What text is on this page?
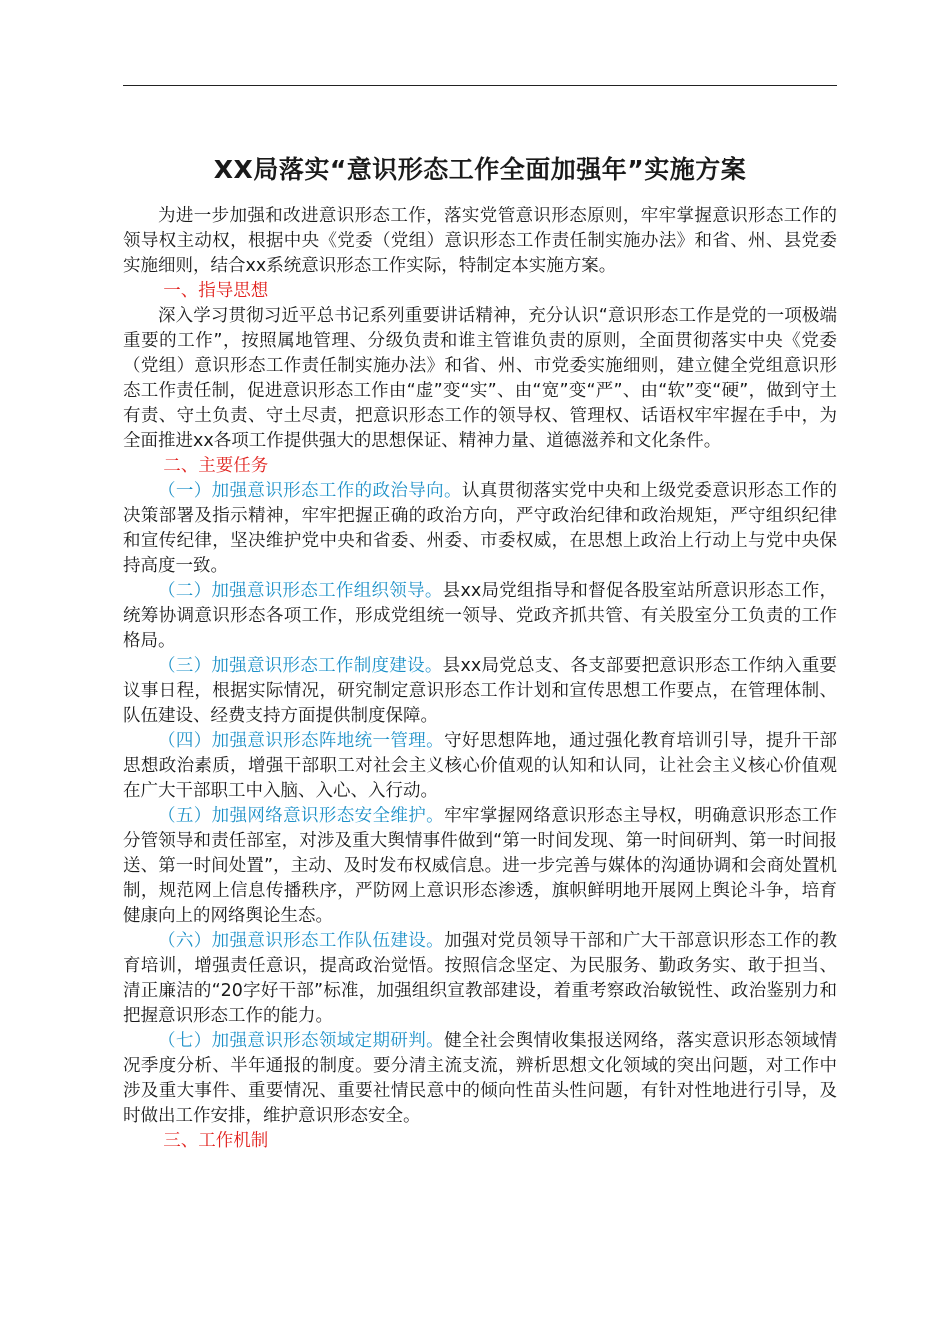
XX局落实“意识形态工作全面加强年”实施方案

为进一步加强和改进意识形态工作，落实党管意识形态原则，牢牢掌握意识形态工作的领导权主动权，根据中央《党委（党组）意识形态工作责任制实施办法》和省、州、县党委实施细则，结合xx系统意识形态工作实际，特制定本实施方案。

一、指导思想

深入学习贯彻习近平总书记系列重要讲话精神，充分认识“意识形态工作是党的一项极端重要的工作”，按照属地管理、分级负责和谁主管谁负责的原则，全面贯彻落实中央《党委（党组）意识形态工作责任制实施办法》和省、州、市党委实施细则，建立健全党组意识形态工作责任制，促进意识形态工作由“虚”变“实”、由“宽”变“严”、由“软”变“硬”，做到守土有责、守土负责、守土尽责，把意识形态工作的领导权、管理权、话语权牢牢握在手中，为全面推进xx各项工作提供强大的思想保证、精神力量、道德滋养和文化条件。

二、主要任务

（一）加强意识形态工作的政治导向。认真贯彻落实党中央和上级党委意识形态工作的决策部署及指示精神，牢牢把握正确的政治方向，严守政治纪律和政治规矩，严守组织纪律和宣传纪律，坚决维护党中央和省委、州委、市委权威，在思想上政治上行动上与党中央保持高度一致。

（二）加强意识形态工作组织领导。县xx局党组指导和督促各股室站所意识形态工作，统筹协调意识形态各项工作，形成党组统一领导、党政齐抓共管、有关股室分工负责的工作格局。

（三）加强意识形态工作制度建设。县xx局党总支、各支部要把意识形态工作纳入重要议事日程，根据实际情况，研究制定意识形态工作计划和宣传思想工作要点，在管理体制、队伍建设、经费支持方面提供制度保障。

（四）加强意识形态阵地统一管理。守好思想阵地，通过强化教育培训引导，提升干部思想政治素质，增强干部职工对社会主义核心价值观的认知和认同，让社会主义核心价值观在广大干部职工中入脑、入心、入行动。

（五）加强网络意识形态安全维护。牢牢掌握网络意识形态主导权，明确意识形态工作分管领导和责任部室，对涉及重大舆情事件做到“第一时间发现、第一时间研判、第一时间报送、第一时间处置”，主动、及时发布权威信息。进一步完善与媒体的沟通协调和会商处置机制，规范网上信息传播秩序，严防网上意识形态渗透，旗帜鲜明地开展网上舆论斗争，培育健康向上的网络舆论生态。

（六）加强意识形态工作队伍建设。加强对党员领导干部和广大干部意识形态工作的教育培训，增强责任意识，提高政治觉悟。按照信念坚定、为民服务、勤政务实、敢于担当、清正廉洁的“20字好干部”标准，加强组织宣教部建设，着重考察政治敏锐性、政治鉴别力和把握意识形态工作的能力。

（七）加强意识形态领域定期研判。健全社会舆情收集报送网络，落实意识形态领域情况季度分析、半年通报的制度。要分清主流支流，辨析思想文化领域的突出问题，对工作中涉及重大事件、重要情况、重要社情民意中的倾向性苗头性问题，有针对性地进行引导，及时做出工作安排，维护意识形态安全。

三、工作机制
